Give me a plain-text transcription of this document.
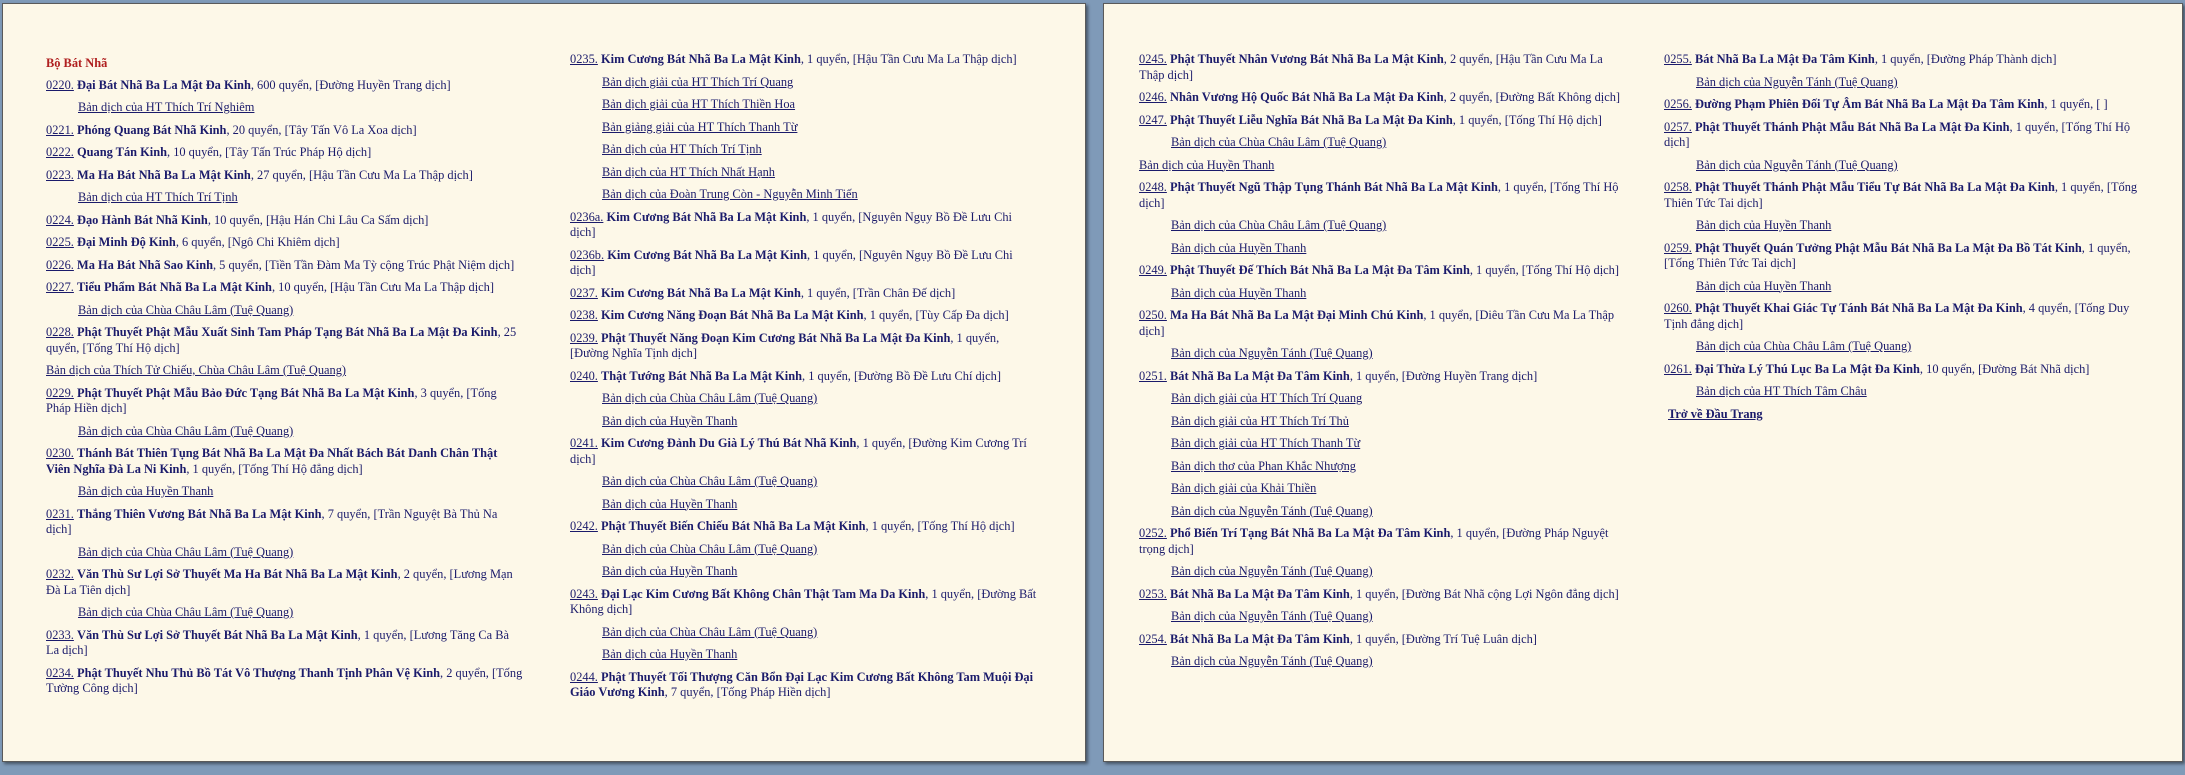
Bộ Bát Nhã
0220. Đại Bát Nhã Ba La Mật Đa Kinh, 600 quyển, [Đường Huyền Trang dịch]
Bản dịch của HT Thích Trí Nghiêm
0221. Phóng Quang Bát Nhã Kinh, 20 quyển, [Tây Tấn Vô La Xoa dịch]
0222. Quang Tán Kinh, 10 quyển, [Tây Tấn Trúc Pháp Hộ dịch]
0223. Ma Ha Bát Nhã Ba La Mật Kinh, 27 quyển, [Hậu Tần Cưu Ma La Thập dịch]
Bản dịch của HT Thích Trí Tịnh
0224. Đạo Hành Bát Nhã Kinh, 10 quyển, [Hậu Hán Chi Lâu Ca Sấm dịch]
0225. Đại Minh Độ Kinh, 6 quyển, [Ngô Chi Khiêm dịch]
0226. Ma Ha Bát Nhã Sao Kinh, 5 quyển, [Tiền Tần Đàm Ma Tỳ cộng Trúc Phật Niệm dịch]
0227. Tiểu Phẩm Bát Nhã Ba La Mật Kinh, 10 quyển, [Hậu Tần Cưu Ma La Thập dịch]
Bản dịch của Chùa Châu Lâm (Tuệ Quang)
0228. Phật Thuyết Phật Mẫu Xuất Sinh Tam Pháp Tạng Bát Nhã Ba La Mật Đa Kinh, 25 quyển, [Tống Thí Hộ dịch]
Bản dịch của Thích Tử Chiếu, Chùa Châu Lâm (Tuệ Quang)
0229. Phật Thuyết Phật Mẫu Bảo Đức Tạng Bát Nhã Ba La Mật Kinh, 3 quyển, [Tống Pháp Hiền dịch]
Bản dịch của Chùa Châu Lâm (Tuệ Quang)
0230. Thánh Bát Thiên Tụng Bát Nhã Ba La Mật Đa Nhất Bách Bát Danh Chân Thật Viên Nghĩa Đà La Ni Kinh, 1 quyển, [Tống Thí Hộ đẳng dịch]
Bản dịch của Huyền Thanh
0231. Thắng Thiên Vương Bát Nhã Ba La Mật Kinh, 7 quyển, [Trần Nguyệt Bà Thủ Na dịch]
Bản dịch của Chùa Châu Lâm (Tuệ Quang)
0232. Văn Thù Sư Lợi Sở Thuyết Ma Ha Bát Nhã Ba La Mật Kinh, 2 quyển, [Lương Mạn Đà La Tiên dịch]
Bản dịch của Chùa Châu Lâm (Tuệ Quang)
0233. Văn Thù Sư Lợi Sở Thuyết Bát Nhã Ba La Mật Kinh, 1 quyển, [Lương Tăng Ca Bà La dịch]
0234. Phật Thuyết Nhu Thủ Bồ Tát Vô Thượng Thanh Tịnh Phân Vệ Kinh, 2 quyển, [Tống Tường Công dịch]
0235. Kim Cương Bát Nhã Ba La Mật Kinh, 1 quyển, [Hậu Tần Cưu Ma La Thập dịch]
Bản dịch giải của HT Thích Trí Quang
Bản dịch giải của HT Thích Thiền Hoa
Bản giảng giải của HT Thích Thanh Từ
Bản dịch của HT Thích Trí Tịnh
Bản dịch của HT Thích Nhất Hạnh
Bản dịch của Đoàn Trung Còn - Nguyễn Minh Tiến
0236a. Kim Cương Bát Nhã Ba La Mật Kinh, 1 quyển, [Nguyên Ngụy Bồ Đề Lưu Chi dịch]
0236b. Kim Cương Bát Nhã Ba La Mật Kinh, 1 quyển, [Nguyên Ngụy Bồ Đề Lưu Chi dịch]
0237. Kim Cương Bát Nhã Ba La Mật Kinh, 1 quyển, [Trần Chân Đế dịch]
0238. Kim Cương Năng Đoạn Bát Nhã Ba La Mật Kinh, 1 quyển, [Tùy Cấp Đa dịch]
0239. Phật Thuyết Năng Đoạn Kim Cương Bát Nhã Ba La Mật Đa Kinh, 1 quyển, [Đường Nghĩa Tịnh dịch]
0240. Thật Tướng Bát Nhã Ba La Mật Kinh, 1 quyển, [Đường Bồ Đề Lưu Chí dịch]
Bản dịch của Chùa Châu Lâm (Tuệ Quang)
Bản dịch của Huyền Thanh
0241. Kim Cương Đảnh Du Già Lý Thú Bát Nhã Kinh, 1 quyển, [Đường Kim Cương Trí dịch]
Bản dịch của Chùa Châu Lâm (Tuệ Quang)
Bản dịch của Huyền Thanh
0242. Phật Thuyết Biến Chiếu Bát Nhã Ba La Mật Kinh, 1 quyển, [Tống Thí Hộ dịch]
Bản dịch của Chùa Châu Lâm (Tuệ Quang)
Bản dịch của Huyền Thanh
0243. Đại Lạc Kim Cương Bất Không Chân Thật Tam Ma Da Kinh, 1 quyển, [Đường Bất Không dịch]
Bản dịch của Chùa Châu Lâm (Tuệ Quang)
Bản dịch của Huyền Thanh
0244. Phật Thuyết Tối Thượng Căn Bổn Đại Lạc Kim Cương Bất Không Tam Muội Đại Giáo Vương Kinh, 7 quyển, [Tống Pháp Hiền dịch]
0245. Phật Thuyết Nhân Vương Bát Nhã Ba La Mật Kinh, 2 quyển, [Hậu Tần Cưu Ma La Thập dịch]
0246. Nhân Vương Hộ Quốc Bát Nhã Ba La Mật Đa Kinh, 2 quyển, [Đường Bất Không dịch]
0247. Phật Thuyết Liễu Nghĩa Bát Nhã Ba La Mật Đa Kinh, 1 quyển, [Tống Thí Hộ dịch]
Bản dịch của Chùa Châu Lâm (Tuệ Quang)
Bản dịch của Huyền Thanh
0248. Phật Thuyết Ngũ Thập Tụng Thánh Bát Nhã Ba La Mật Kinh, 1 quyển, [Tống Thí Hộ dịch]
Bản dịch của Chùa Châu Lâm (Tuệ Quang)
Bản dịch của Huyền Thanh
0249. Phật Thuyết Đế Thích Bát Nhã Ba La Mật Đa Tâm Kinh, 1 quyển, [Tống Thí Hộ dịch]
Bản dịch của Huyền Thanh
0250. Ma Ha Bát Nhã Ba La Mật Đại Minh Chú Kinh, 1 quyển, [Diêu Tần Cưu Ma La Thập dịch]
Bản dịch của Nguyễn Tánh (Tuệ Quang)
0251. Bát Nhã Ba La Mật Đa Tâm Kinh, 1 quyển, [Đường Huyền Trang dịch]
Bản dịch giải của HT Thích Trí Quang
Bản dịch giải của HT Thích Trí Thủ
Bản dịch giải của HT Thích Thanh Từ
Bản dịch thơ của Phan Khắc Nhượng
Bản dịch giải của Khải Thiền
Bản dịch của Nguyễn Tánh (Tuệ Quang)
0252. Phổ Biến Trí Tạng Bát Nhã Ba La Mật Đa Tâm Kinh, 1 quyển, [Đường Pháp Nguyệt trọng dịch]
Bản dịch của Nguyễn Tánh (Tuệ Quang)
0253. Bát Nhã Ba La Mật Đa Tâm Kinh, 1 quyển, [Đường Bát Nhã cộng Lợi Ngôn đẳng dịch]
Bản dịch của Nguyễn Tánh (Tuệ Quang)
0254. Bát Nhã Ba La Mật Đa Tâm Kinh, 1 quyển, [Đường Trí Tuệ Luân dịch]
Bản dịch của Nguyễn Tánh (Tuệ Quang)
0255. Bát Nhã Ba La Mật Đa Tâm Kinh, 1 quyển, [Đường Pháp Thành dịch]
Bản dịch của Nguyễn Tánh (Tuệ Quang)
0256. Đường Phạm Phiên Đối Tự Âm Bát Nhã Ba La Mật Đa Tâm Kinh, 1 quyển, [ ]
0257. Phật Thuyết Thánh Phật Mẫu Bát Nhã Ba La Mật Đa Kinh, 1 quyển, [Tống Thí Hộ dịch]
Bản dịch của Nguyễn Tánh (Tuệ Quang)
0258. Phật Thuyết Thánh Phật Mẫu Tiểu Tự Bát Nhã Ba La Mật Đa Kinh, 1 quyển, [Tống Thiên Tức Tai dịch]
Bản dịch của Huyền Thanh
0259. Phật Thuyết Quán Tưởng Phật Mẫu Bát Nhã Ba La Mật Đa Bồ Tát Kinh, 1 quyển, [Tống Thiên Tức Tai dịch]
Bản dịch của Huyền Thanh
0260. Phật Thuyết Khai Giác Tự Tánh Bát Nhã Ba La Mật Đa Kinh, 4 quyển, [Tống Duy Tịnh đẳng dịch]
Bản dịch của Chùa Châu Lâm (Tuệ Quang)
0261. Đại Thừa Lý Thú Lục Ba La Mật Đa Kinh, 10 quyển, [Đường Bát Nhã dịch]
Bản dịch của HT Thích Tâm Châu
Trở về Đầu Trang
